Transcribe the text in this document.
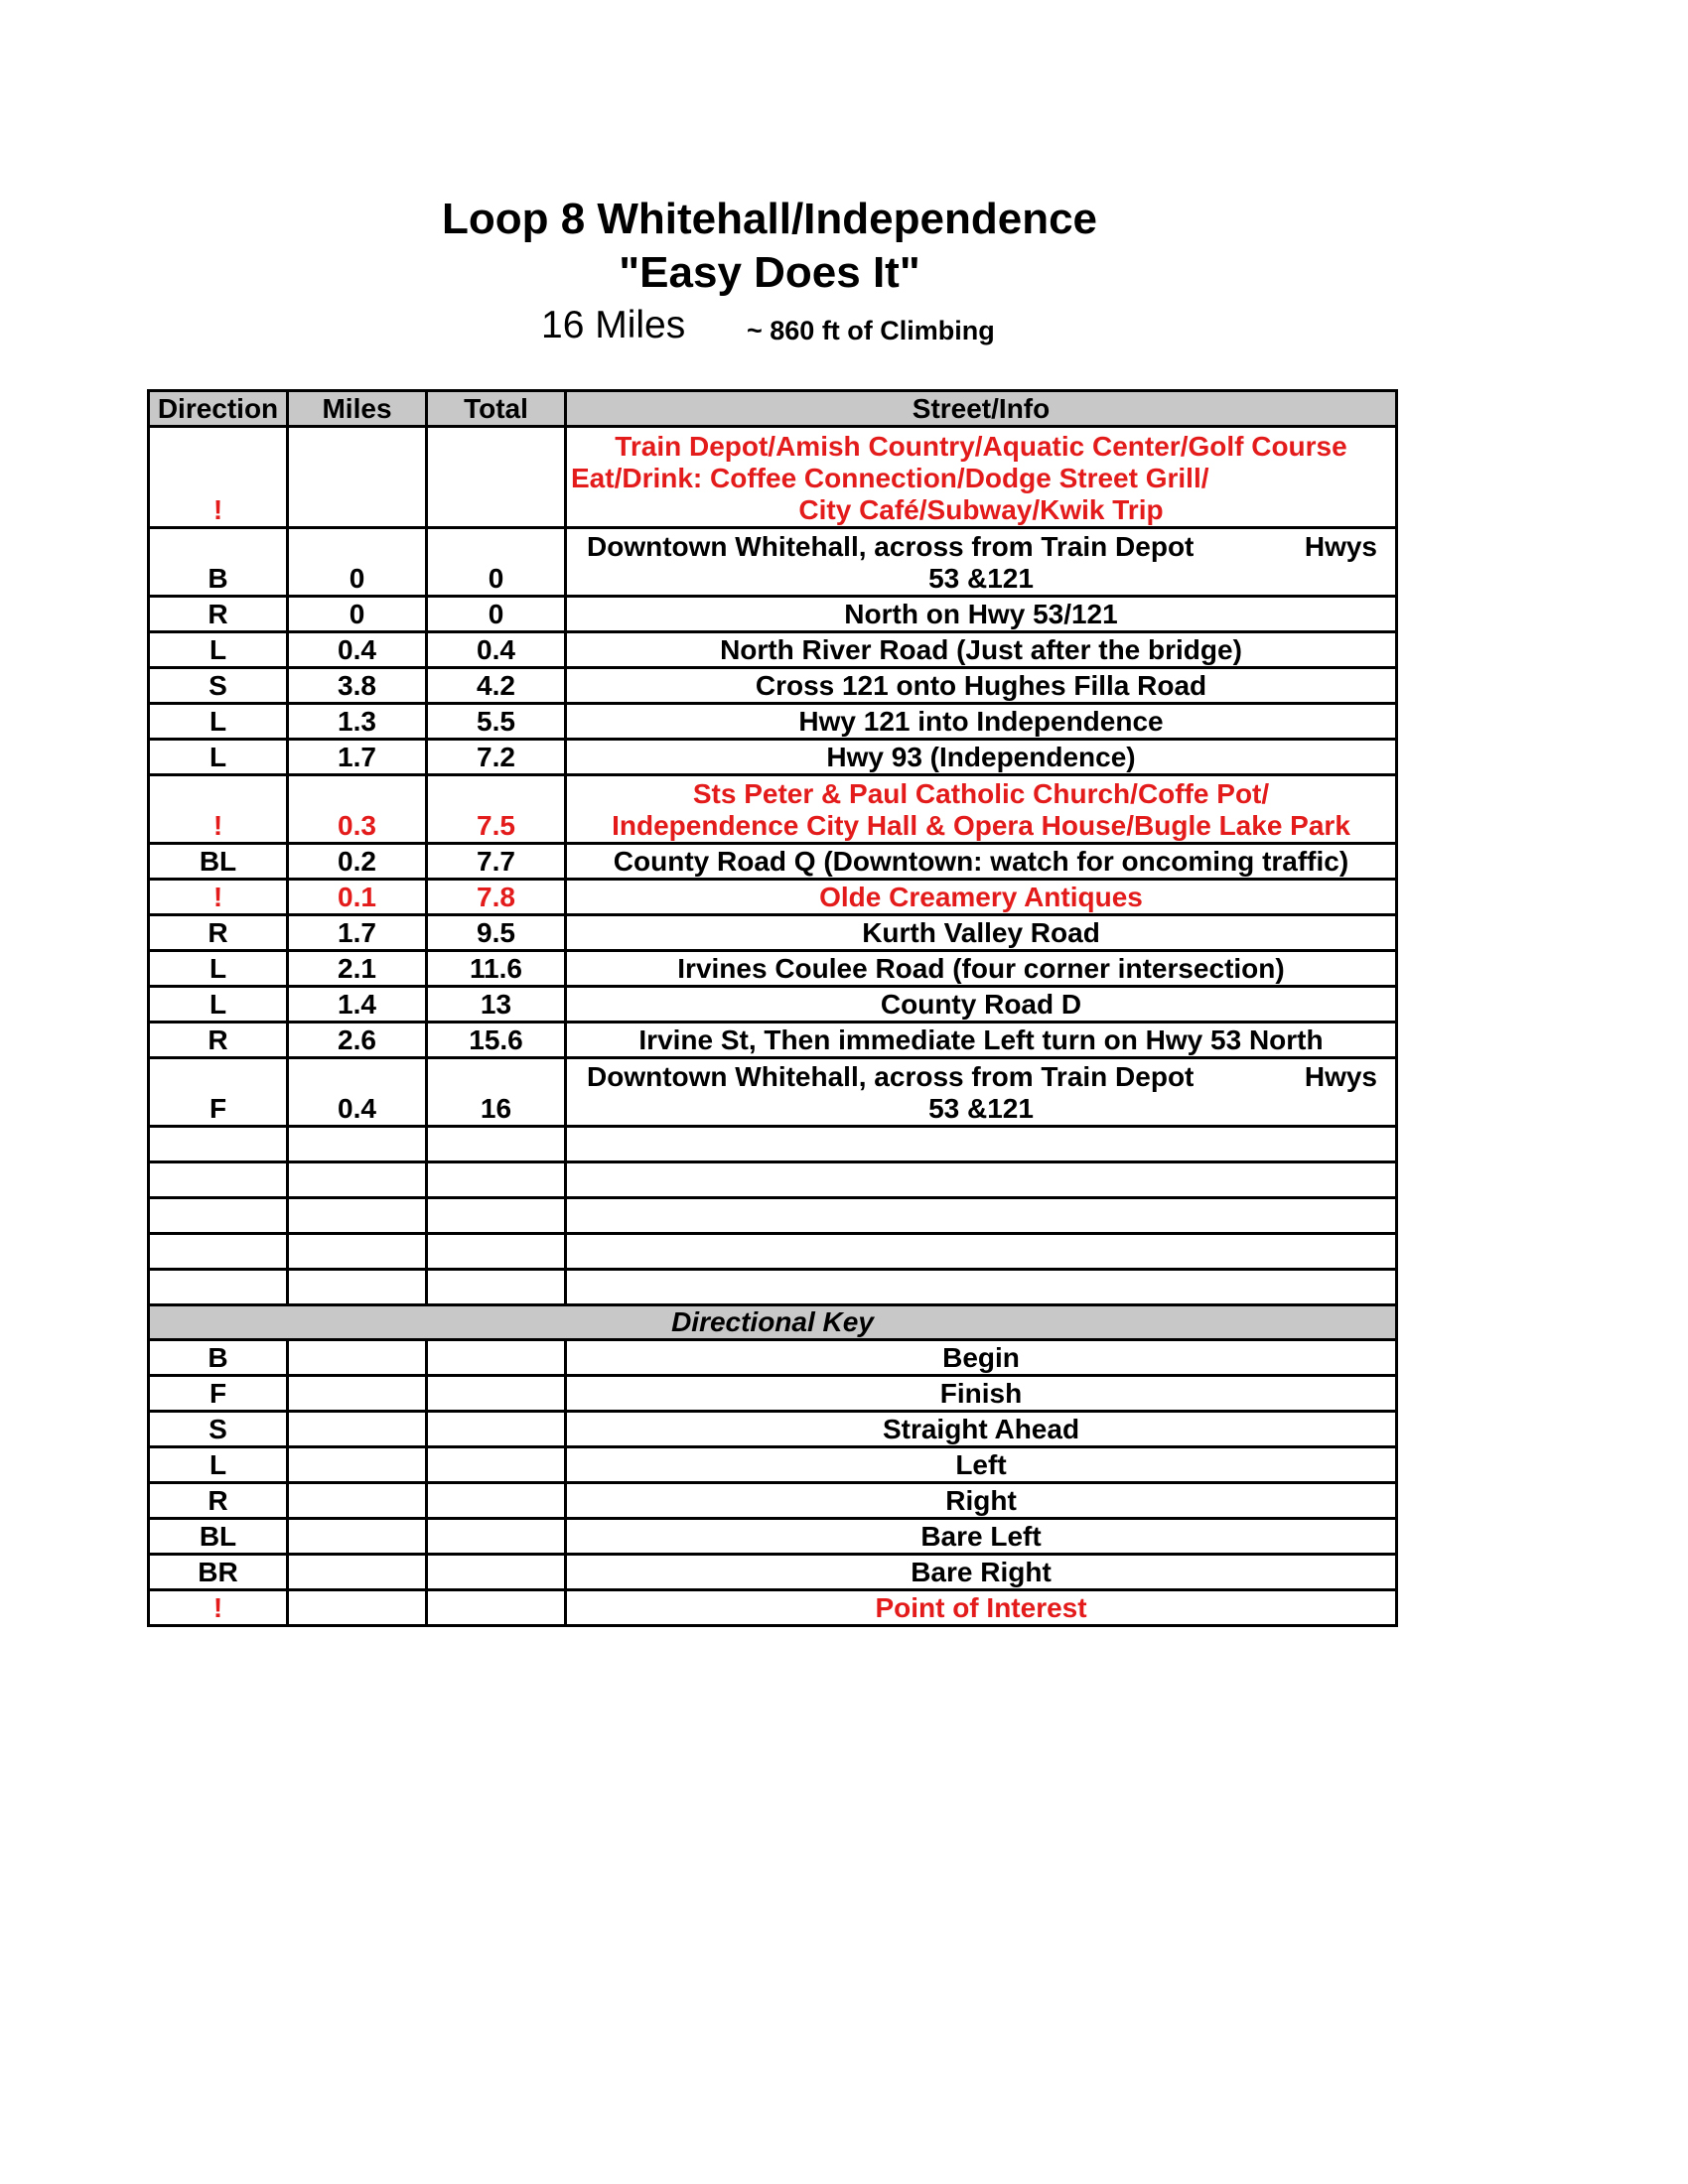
Loop 8 Whitehall/Independence
"Easy Does It"
16 Miles ~ 860 ft of Climbing
Direction	Miles	Total	Street/Info
!			Train Depot/Amish Country/Aquatic Center/Golf Course
Eat/Drink: Coffee Connection/Dodge Street Grill/
City Café/Subway/Kwik Trip

B	0	0	Downtown Whitehall, across from Train Depot Hwys
53 &121

R	0	0	North on Hwy 53/121
L	0.4	0.4	North River Road (Just after the bridge)
S	3.8	4.2	Cross 121 onto Hughes Filla Road
L	1.3	5.5	Hwy 121 into Independence
L	1.7	7.2	Hwy 93 (Independence)
!	0.3	7.5	Sts Peter & Paul Catholic Church/Coffe Pot/
Independence City Hall & Opera House/Bugle Lake Park

BL	0.2	7.7	County Road Q (Downtown: watch for oncoming traffic)
!	0.1	7.8	Olde Creamery Antiques
R	1.7	9.5	Kurth Valley Road
L	2.1	11.6	Irvines Coulee Road (four corner intersection)
L	1.4	13	County Road D
R	2.6	15.6	Irvine St, Then immediate Left turn on Hwy 53 North
F	0.4	16	Downtown Whitehall, across from Train Depot Hwys
53 &121

Directional Key			
B			Begin
F			Finish
S			Straight Ahead
L			Left
R			Right
BL			Bare Left
BR			Bare Right
!			Point of Interest
